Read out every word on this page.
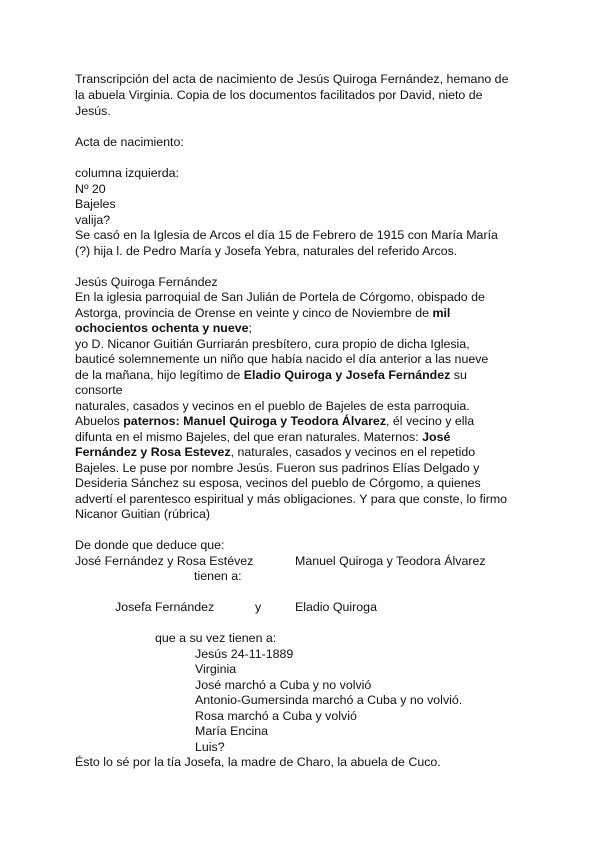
Transcripción del acta de nacimiento de Jesús Quiroga Fernández, hemano de
la abuela Virginia. Copia de los documentos facilitados por David, nieto de
Jesús.
Acta de nacimiento:
columna izquierda:
Nº 20
Bajeles
valija?
Se casó en la Iglesia de Arcos el día 15 de Febrero de 1915 con María María
(?) hija l. de Pedro María y Josefa Yebra, naturales del referido Arcos.
Jesús Quiroga Fernández
En la iglesia parroquial de San Julián de Portela de Córgomo, obispado de
Astorga, provincia de Orense en veinte y cinco de Noviembre de mil
ochocientos ochenta y nueve;
yo D. Nicanor Guitián Gurriarán presbítero, cura propio de dicha Iglesia,
bauticé solemnemente un niño que había nacido el día anterior a las nueve
de la mañana, hijo legítimo de Eladio Quiroga y Josefa Fernández su
consorte
naturales, casados y vecinos en el pueblo de Bajeles de esta parroquia.
Abuelos paternos: Manuel Quiroga y Teodora Álvarez, él vecino y ella
difunta en el mismo Bajeles, del que eran naturales. Maternos: José
Fernández y Rosa Estevez, naturales, casados y vecinos en el repetido
Bajeles. Le puse por nombre Jesús. Fueron sus padrinos Elías Delgado y
Desideria Sánchez su esposa, vecinos del pueblo de Córgomo, a quienes
advertí el parentesco espiritual y más obligaciones. Y para que conste, lo firmo
Nicanor Guitian (rúbrica)
De donde que deduce que:
José Fernández y Rosa Estévez	Manuel Quiroga y Teodora Álvarez
tienen a:
Josefa Fernández	y	Eladio Quiroga
que a su vez tienen a:
Jesús 24-11-1889
Virginia
José marchó a Cuba y no volvió
Antonio-Gumersinda marchó a Cuba y no volvió.
Rosa marchó a Cuba y volvió
María Encina
Luis?
Ésto lo sé por la tía Josefa, la madre de Charo, la abuela de Cuco.
